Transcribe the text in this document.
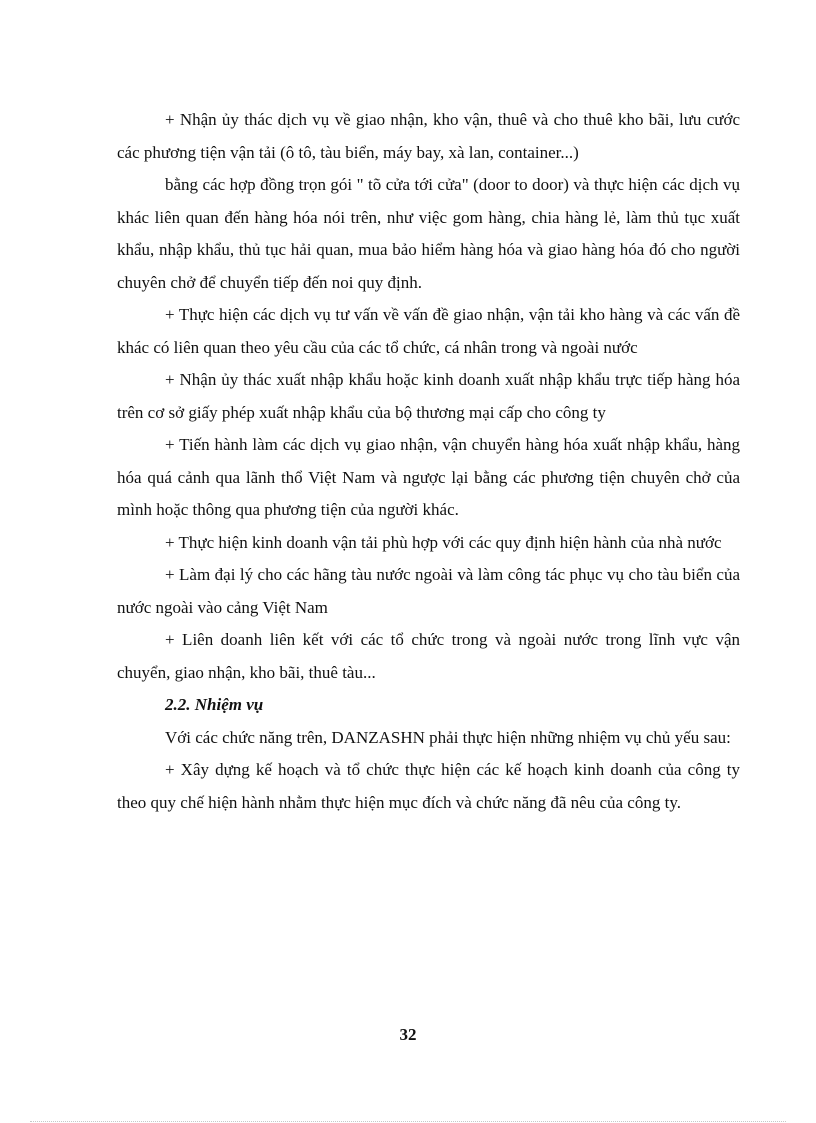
+ Nhận ủy thác dịch vụ về giao nhận, kho vận, thuê và cho thuê kho bãi, lưu cước các phương tiện vận tải (ô tô, tàu biển, máy bay, xà lan, container...)

bằng các hợp đồng trọn gói " tõ cửa tới cửa" (door to door) và thực hiện các dịch vụ khác liên quan đến hàng hóa nói trên, như việc gom hàng, chia hàng lẻ, làm thủ tục xuất khẩu, nhập khẩu, thủ tục hải quan, mua bảo hiểm hàng hóa và giao hàng hóa đó cho người chuyên chở để chuyển tiếp đến noi quy định.

+ Thực hiện các dịch vụ tư vấn về vấn đề giao nhận, vận tải kho hàng và các vấn đề khác có liên quan theo yêu cầu của các tổ chức, cá nhân trong và ngoài nước

+ Nhận ủy thác xuất nhập khẩu hoặc kinh doanh xuất nhập khẩu trực tiếp hàng hóa trên cơ sở giấy phép xuất nhập khẩu của bộ thương mại cấp cho công ty

+ Tiến hành làm các dịch vụ giao nhận, vận chuyển hàng hóa xuất nhập khẩu, hàng hóa quá cảnh qua lãnh thổ Việt Nam và ngược lại bằng các phương tiện chuyên chở của mình hoặc thông qua phương tiện của người khác.

+ Thực hiện kinh doanh vận tải phù hợp với các quy định hiện hành của nhà nước

+ Làm đại lý cho các hãng tàu nước ngoài và làm công tác phục vụ cho tàu biển của nước ngoài vào cảng Việt Nam

+ Liên doanh liên kết với các tổ chức trong và ngoài nước trong lĩnh vực vận chuyển, giao nhận, kho bãi, thuê tàu...

2.2. Nhiệm vụ

Với các chức năng trên, DANZASHN phải thực hiện những nhiệm vụ chủ yếu sau:

+ Xây dựng kế hoạch và tổ chức thực hiện các kế hoạch kinh doanh của công ty theo quy chế hiện hành nhằm thực hiện mục đích và chức năng đã nêu của công ty.

32
